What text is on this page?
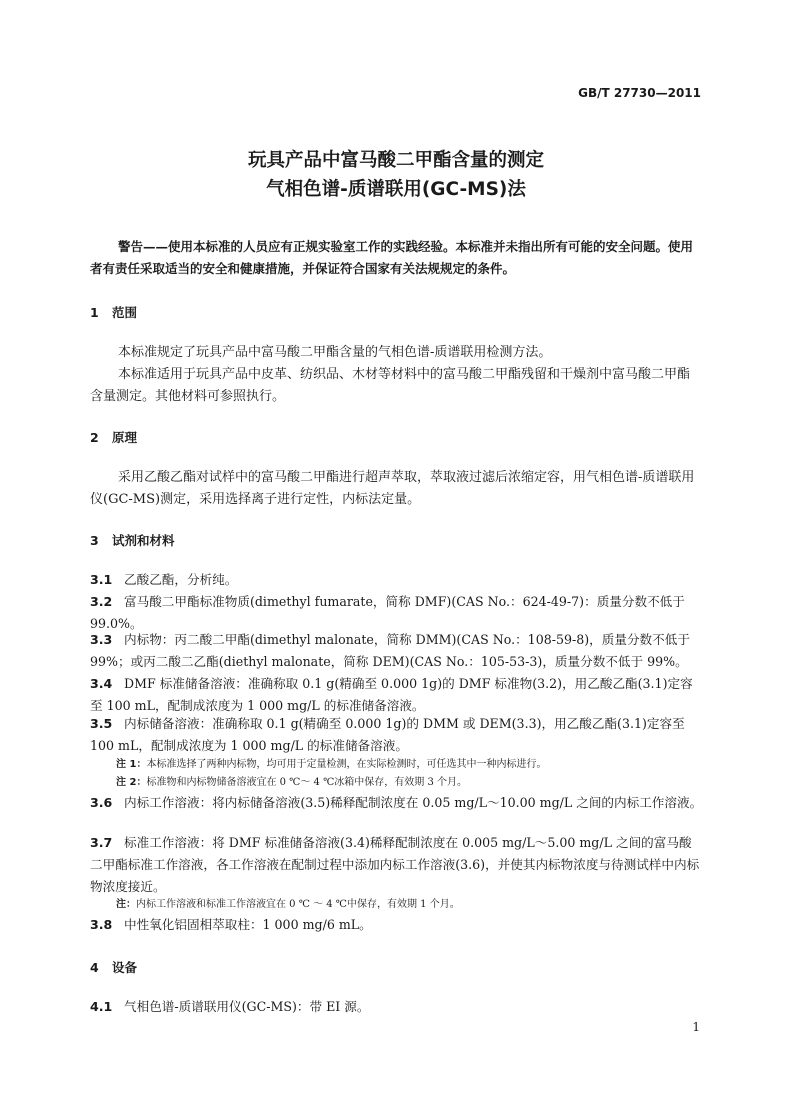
GB/T 27730—2011
玩具产品中富马酸二甲酯含量的测定
气相色谱-质谱联用(GC-MS)法
警告——使用本标准的人员应有正规实验室工作的实践经验。本标准并未指出所有可能的安全问题。使用者有责任采取适当的安全和健康措施，并保证符合国家有关法规规定的条件。
1 范围
本标准规定了玩具产品中富马酸二甲酯含量的气相色谱-质谱联用检测方法。
本标准适用于玩具产品中皮革、纺织品、木材等材料中的富马酸二甲酯残留和干燥剂中富马酸二甲酯含量测定。其他材料可参照执行。
2 原理
采用乙酸乙酯对试样中的富马酸二甲酯进行超声萃取，萃取液过滤后浓缩定容，用气相色谱-质谱联用仪(GC-MS)测定，采用选择离子进行定性，内标法定量。
3 试剂和材料
3.1 乙酸乙酯，分析纯。
3.2 富马酸二甲酯标准物质(dimethyl fumarate，简称 DMF)(CAS No.：624-49-7)：质量分数不低于 99.0%。
3.3 内标物：丙二酸二甲酯(dimethyl malonate，简称 DMM)(CAS No.：108-59-8)，质量分数不低于 99%；或丙二酸二乙酯(diethyl malonate，简称 DEM)(CAS No.：105-53-3)，质量分数不低于 99%。
3.4 DMF 标准储备溶液：准确称取 0.1 g(精确至 0.000 1g)的 DMF 标准物(3.2)，用乙酸乙酯(3.1)定容至 100 mL，配制成浓度为 1 000 mg/L 的标准储备溶液。
3.5 内标储备溶液：准确称取 0.1 g(精确至 0.000 1g)的 DMM 或 DEM(3.3)，用乙酸乙酯(3.1)定容至 100 mL，配制成浓度为 1 000 mg/L 的标准储备溶液。
注 1：本标准选择了两种内标物，均可用于定量检测，在实际检测时，可任选其中一种内标进行。
注 2：标准物和内标物储备溶液宜在 0 ℃～ 4 ℃冰箱中保存，有效期 3 个月。
3.6 内标工作溶液：将内标储备溶液(3.5)稀释配制浓度在 0.05 mg/L～10.00 mg/L 之间的内标工作溶液。
3.7 标准工作溶液：将 DMF 标准储备溶液(3.4)稀释配制浓度在 0.005 mg/L～5.00 mg/L 之间的富马酸二甲酯标准工作溶液，各工作溶液在配制过程中添加内标工作溶液(3.6)，并使其内标物浓度与待测试样中内标物浓度接近。
注：内标工作溶液和标准工作溶液宜在 0 ℃ ～ 4 ℃中保存，有效期 1 个月。
3.8 中性氧化铝固相萃取柱：1 000 mg/6 mL。
4 设备
4.1 气相色谱-质谱联用仪(GC-MS)：带 EI 源。
1
